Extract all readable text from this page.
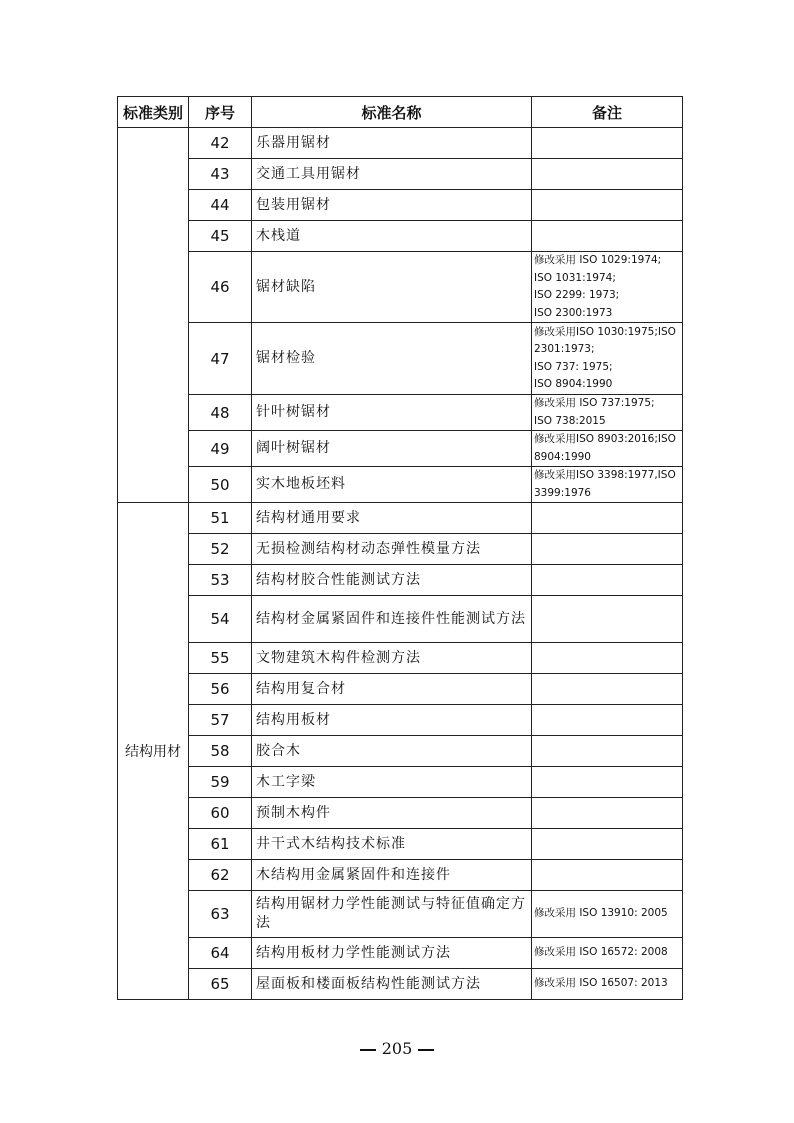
标准类别	序号	标准名称	备注
	42	乐器用锯材	
	43	交通工具用锯材	
	44	包装用锯材	
	45	木栈道	
	46	锯材缺陷	修改采用 ISO 1029:1974;
ISO 1031:1974;
ISO 2299: 1973;
ISO 2300:1973

	47	锯材检验	修改采用ISO 1030:1975;ISO
2301:1973;
ISO 737: 1975;
ISO 8904:1990

	48	针叶树锯材	修改采用 ISO 737:1975;
ISO 738:2015

	49	阔叶树锯材	修改采用ISO 8903:2016;ISO
8904:1990

	50	实木地板坯料	修改采用ISO 3398:1977,ISO
3399:1976

结构用材	51	结构材通用要求	
	52	无损检测结构材动态弹性模量方法	
	53	结构材胶合性能测试方法	
	54	结构材金属紧固件和连接件性能测试方法	
	55	文物建筑木构件检测方法	
	56	结构用复合材	
	57	结构用板材	
	58	胶合木	
	59	木工字梁	
	60	预制木构件	
	61	井干式木结构技术标准	
	62	木结构用金属紧固件和连接件	
	63	结构用锯材力学性能测试与特征值确定方法	修改采用 ISO 13910: 2005

	64	结构用板材力学性能测试方法	修改采用 ISO 16572: 2008

	65	屋面板和楼面板结构性能测试方法	修改采用 ISO 16507: 2013
205
